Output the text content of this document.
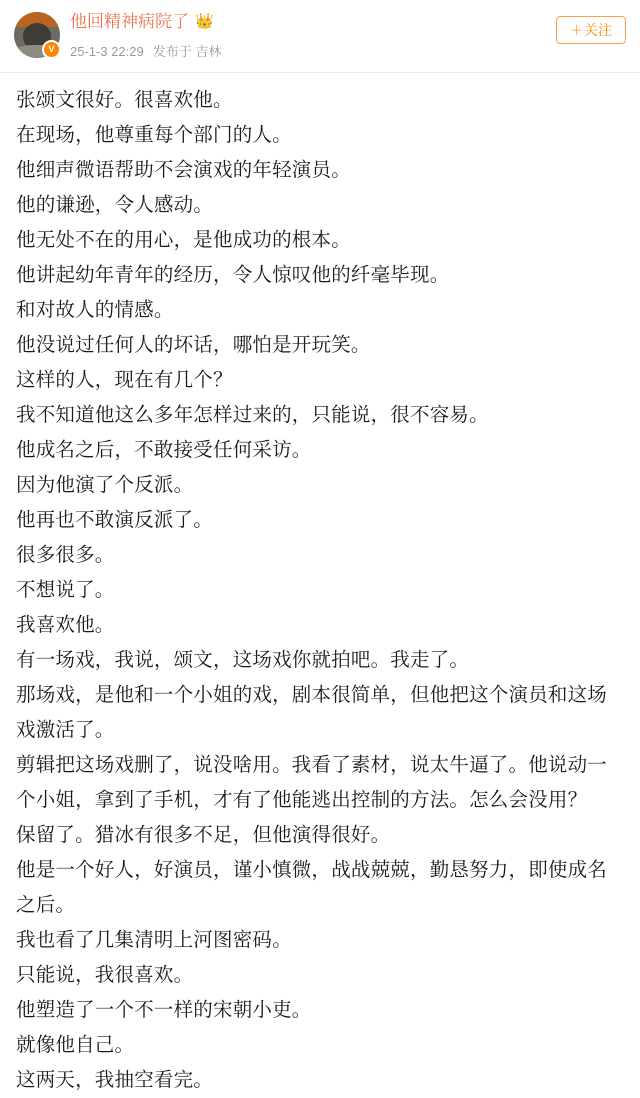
V
他回精神病院了 👑
25-1-3 22:29 发布于 吉林
＋关注

张颂文很好。很喜欢他。

在现场，他尊重每个部门的人。

他细声微语帮助不会演戏的年轻演员。

他的谦逊，令人感动。

他无处不在的用心，是他成功的根本。

他讲起幼年青年的经历，令人惊叹他的纤毫毕现。

和对故人的情感。

他没说过任何人的坏话，哪怕是开玩笑。

这样的人，现在有几个？

我不知道他这么多年怎样过来的，只能说，很不容易。

他成名之后，不敢接受任何采访。

因为他演了个反派。

他再也不敢演反派了。

很多很多。

不想说了。

我喜欢他。

有一场戏，我说，颂文，这场戏你就拍吧。我走了。

那场戏，是他和一个小姐的戏，剧本很简单，但他把这个演员和这场戏激活了。

剪辑把这场戏删了，说没啥用。我看了素材，说太牛逼了。他说动一个小姐，拿到了手机，才有了他能逃出控制的方法。怎么会没用？

保留了。猎冰有很多不足，但他演得很好。

他是一个好人，好演员，谨小慎微，战战兢兢，勤恳努力，即使成名之后。

我也看了几集清明上河图密码。

只能说，我很喜欢。

他塑造了一个不一样的宋朝小吏。

就像他自己。

这两天，我抽空看完。
